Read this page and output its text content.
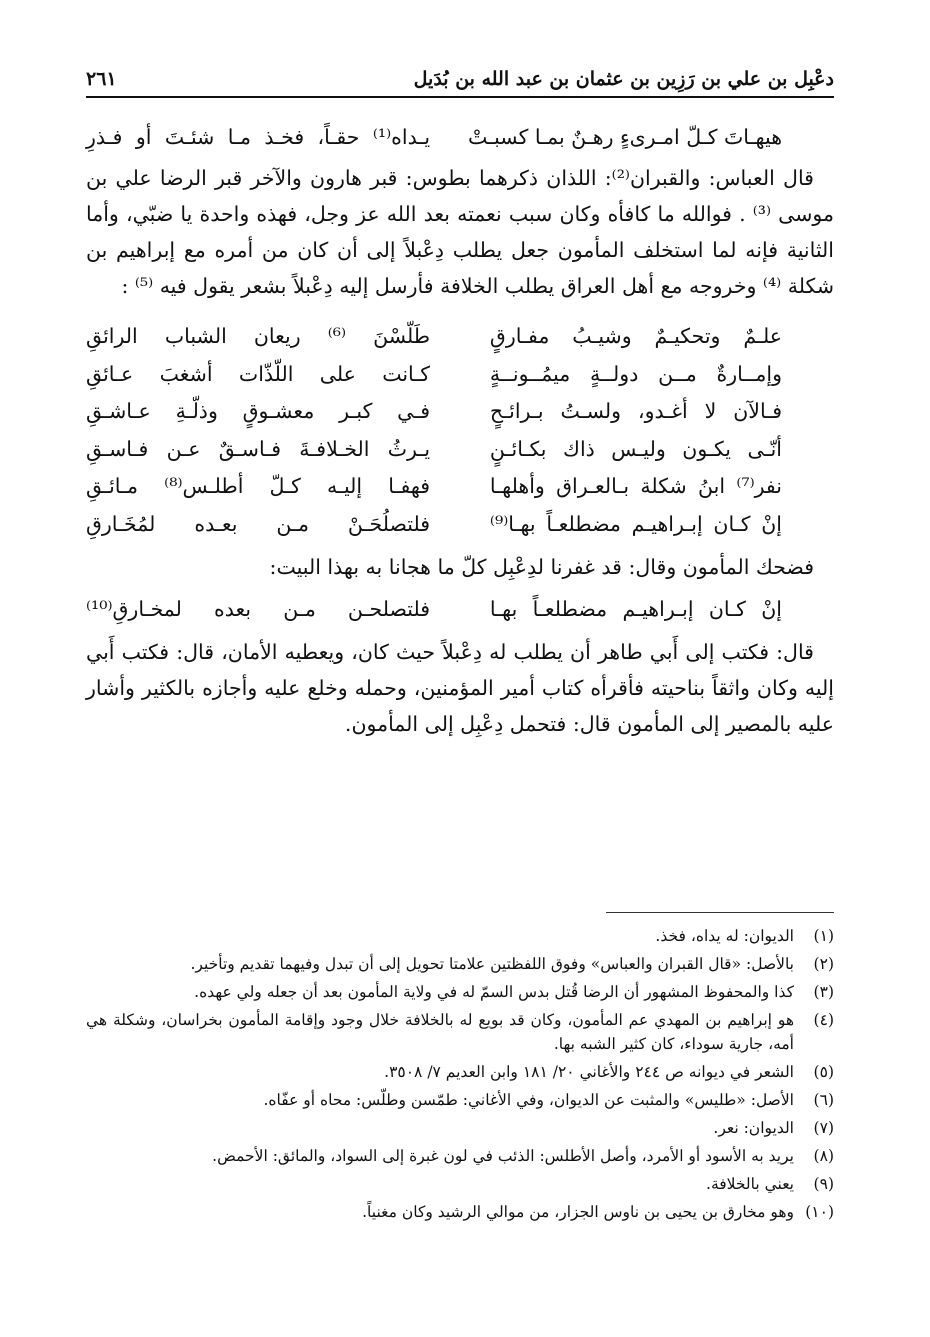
دعْبِل بن علي بن رَزِين بن عثمان بن عبد الله بن بُدَيل
٢٦١
هيهـاتَ كـلّ امـرىءٍ رهـنٌ بمـا كسبـتْ
يـداه⁽¹⁾ حقـاً، فخـذ مـا شئـتَ أو فـذرِ

قال العباس: والقبران⁽²⁾: اللذان ذكرهما بطوس: قبر هارون والآخر قبر الرضا علي بن موسى ⁽³⁾ . فوالله ما كافأه وكان سبب نعمته بعد الله عز وجل، فهذه واحدة يا ضبّي، وأما الثانية فإنه لما استخلف المأمون جعل يطلب دِعْبلاً إلى أن كان من أمره مع إبراهيم بن شكلة ⁽⁴⁾ وخروجه مع أهل العراق يطلب الخلافة فأرسل إليه دِعْبلاً بشعر يقول فيه ⁽⁵⁾ :

علـمٌ وتحكيـمٌ وشيـبُ مفـارقٍ
طَلّسْنَ ⁽⁶⁾ ريعان الشباب الرائقِ
وإمــارةٌ مــن دولــةٍ ميمُــونــةٍ
كـانت على اللّذّات أشغبَ عـائقِ
فـالآن لا أغـدو، ولسـتُ بـرائـحٍ
فـي كبـر معشـوقٍ وذلّـةِ عـاشـقِ
أنّـى يكـون وليـس ذاك بكـائـنٍ
يـرثُ الخـلافـةَ فـاسـقٌ عـن فـاسـقِ
نفر⁽⁷⁾ ابنُ شكلة بـالعـراق وأهلهـا
فهفـا إليـه كـلّ أطلـس⁽⁸⁾ مـائـقِ
إنْ كـان إبـراهيـم مضطلعـاً بهـا⁽⁹⁾
فلتصلُحَـنْ مـن بعـده لمُخَـارقِ

فضحك المأمون وقال: قد غفرنا لدِعْبِل كلّ ما هجانا به بهذا البيت:

إنْ كـان إبـراهيـم مضطلعـاً بهـا
فلتصلحـن مـن بعده لمخـارقِ⁽¹⁰⁾

قال: فكتب إلى أَبي طاهر أن يطلب له دِعْبلاً حيث كان، ويعطيه الأمان، قال: فكتب أَبي إليه وكان واثقاً بناحيته فأقرأه كتاب أمير المؤمنين، وحمله وخلع عليه وأجازه بالكثير وأشار عليه بالمصير إلى المأمون قال: فتحمل دِعْبِل إلى المأمون.

(١)
الديوان: له يداه، فخذ.
(٢)
بالأصل: «قال القبران والعباس» وفوق اللفظتين علامتا تحويل إلى أن تبدل وفيهما تقديم وتأخير.
(٣)
كذا والمحفوظ المشهور أن الرضا قُتل بدس السمّ له في ولاية المأمون بعد أن جعله ولي عهده.
(٤)
هو إبراهيم بن المهدي عم المأمون، وكان قد بويع له بالخلافة خلال وجود وإقامة المأمون بخراسان، وشكلة هي أمه، جارية سوداء، كان كثير الشبه بها.
(٥)
الشعر في ديوانه ص ٢٤٤ والأغاني ٢٠/ ١٨١ وابن العديم ٧/ ٣٥٠٨.
(٦)
الأصل: «طليس» والمثبت عن الديوان، وفي الأغاني: طمّسن وطلّس: محاه أو عفّاه.
(٧)
الديوان: نعر.
(٨)
يريد به الأسود أو الأمرد، وأصل الأطلس: الذئب في لون غبرة إلى السواد، والمائق: الأحمض.
(٩)
يعني بالخلافة.
(١٠)
وهو مخارق بن يحيى بن ناوس الجزار، من موالي الرشيد وكان مغنياً.
